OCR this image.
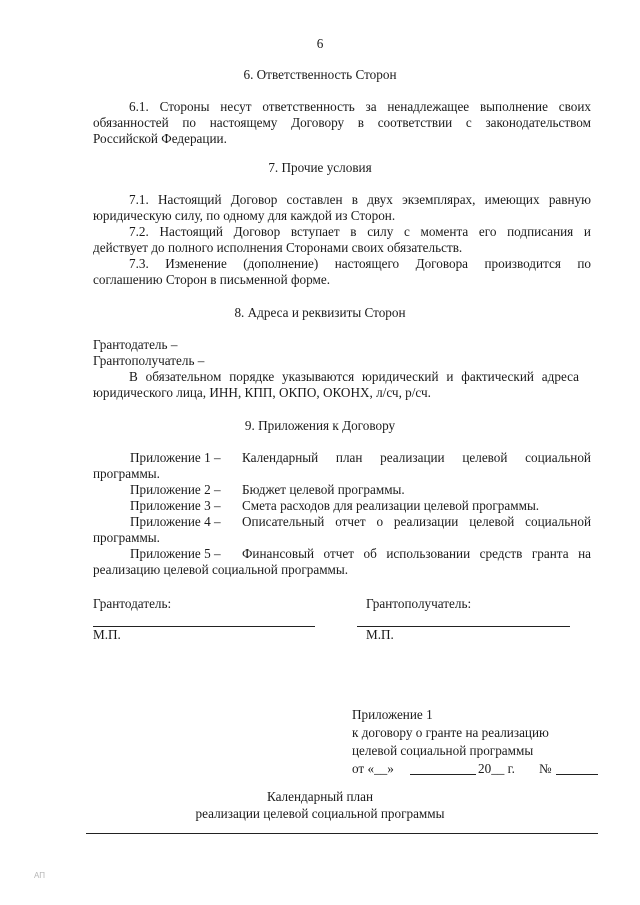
6
6. Ответственность Сторон
6.1. Стороны несут ответственность за ненадлежащее выполнение своих
обязанностей по настоящему Договору в соответствии с законодательством
Российской Федерации.
7. Прочие условия
7.1. Настоящий Договор составлен в двух экземплярах, имеющих равную
юридическую силу, по одному для каждой из Сторон.
7.2. Настоящий Договор вступает в силу с момента его подписания и
действует до полного исполнения Сторонами своих обязательств.
7.3. Изменение (дополнение) настоящего Договора производится по
соглашению Сторон в письменной форме.
8. Адреса и реквизиты Сторон
Грантодатель –
Грантополучатель –
В обязательном порядке указываются юридический и фактический адреса
юридического лица, ИНН, КПП, ОКПО, ОКОНХ, л/сч, р/сч.
9. Приложения к Договору
Приложение 1 – Календарный план реализации целевой социальной
программы.
Приложение 2 – Бюджет целевой программы.
Приложение 3 – Смета расходов для реализации целевой программы.
Приложение 4 – Описательный отчет о реализации целевой социальной
программы.
Приложение 5 – Финансовый отчет об использовании средств гранта на
реализацию целевой социальной программы.
Грантодатель:	Грантополучатель:
М.П.	М.П.
Приложение 1
к договору о гранте на реализацию
целевой социальной программы
от «__»	20__ г. №
Календарный план
реализации целевой социальной программы
АП
